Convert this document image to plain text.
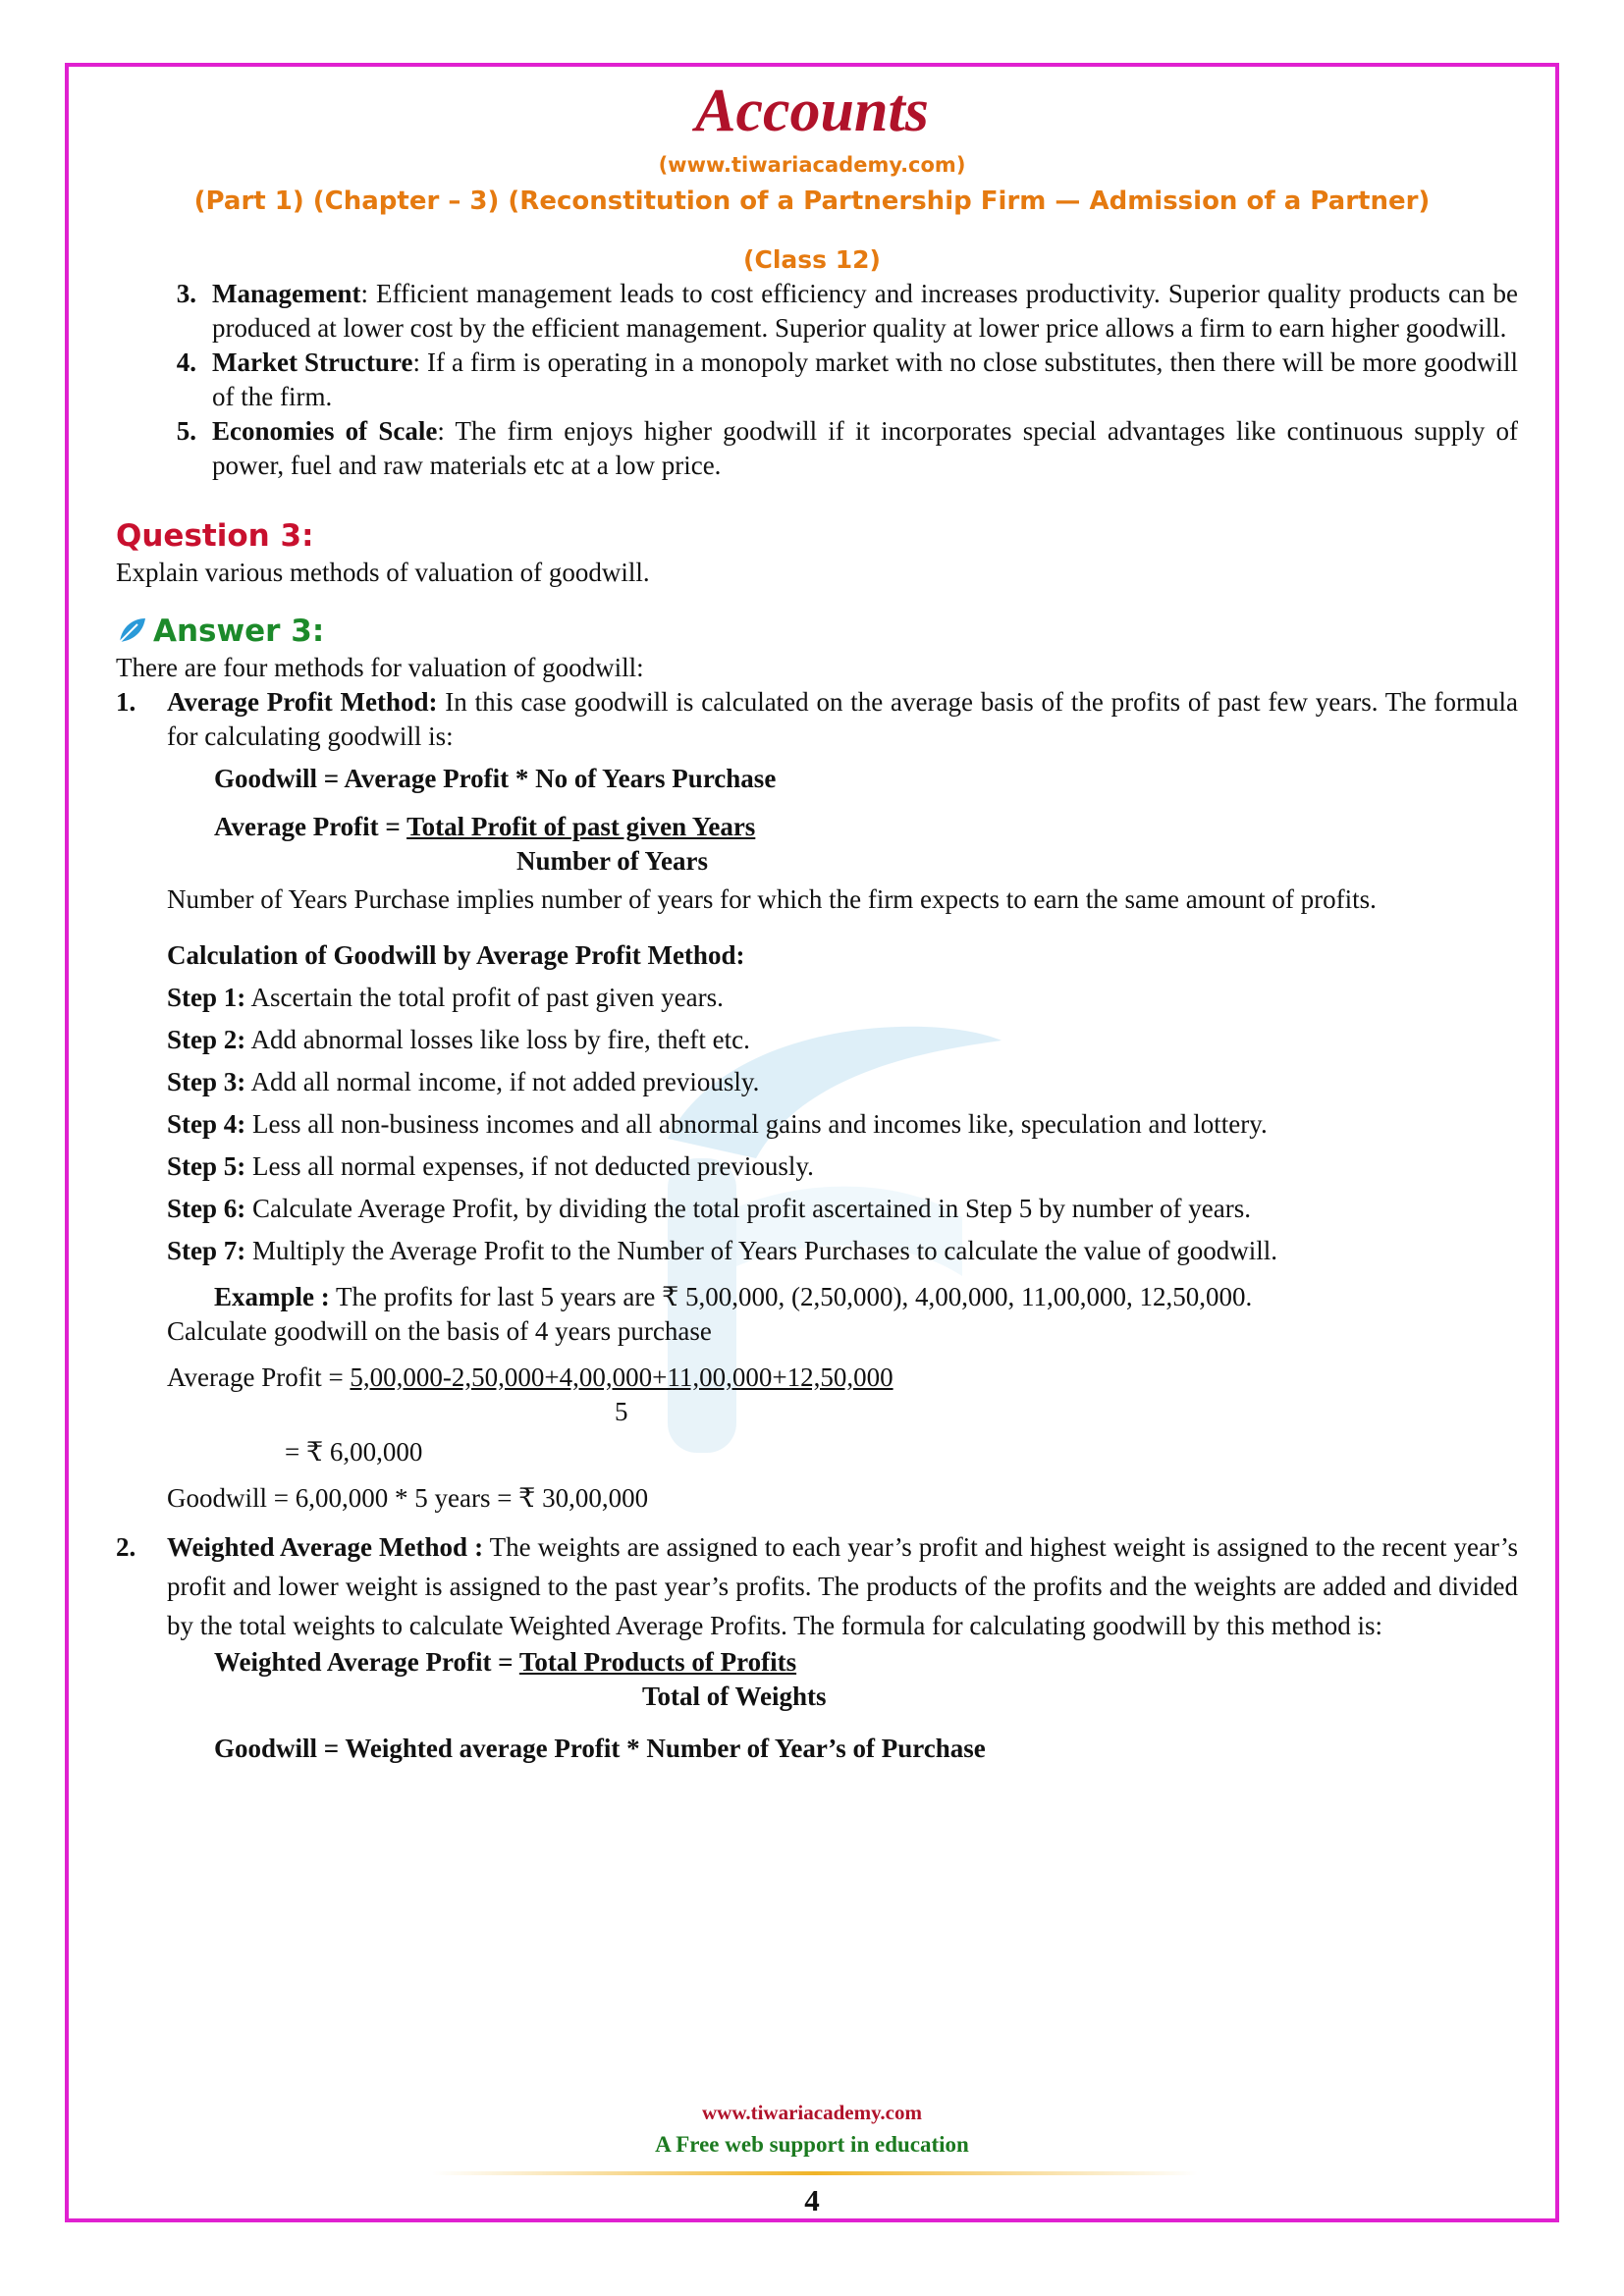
Accounts
(www.tiwariacademy.com)
(Part 1) (Chapter – 3) (Reconstitution of a Partnership Firm — Admission of a Partner)
(Class 12)
3. Management: Efficient management leads to cost efficiency and increases productivity. Superior quality products can be produced at lower cost by the efficient management. Superior quality at lower price allows a firm to earn higher goodwill.
4. Market Structure: If a firm is operating in a monopoly market with no close substitutes, then there will be more goodwill of the firm.
5. Economies of Scale: The firm enjoys higher goodwill if it incorporates special advantages like continuous supply of power, fuel and raw materials etc at a low price.
Question 3:
Explain various methods of valuation of goodwill.
Answer 3:
There are four methods for valuation of goodwill:
1. Average Profit Method: In this case goodwill is calculated on the average basis of the profits of past few years. The formula for calculating goodwill is:
Goodwill = Average Profit * No of Years Purchase
Average Profit = Total Profit of past given Years
Number of Years
Number of Years Purchase implies number of years for which the firm expects to earn the same amount of profits.
Calculation of Goodwill by Average Profit Method:
Step 1: Ascertain the total profit of past given years.
Step 2: Add abnormal losses like loss by fire, theft etc.
Step 3: Add all normal income, if not added previously.
Step 4: Less all non-business incomes and all abnormal gains and incomes like, speculation and lottery.
Step 5: Less all normal expenses, if not deducted previously.
Step 6: Calculate Average Profit, by dividing the total profit ascertained in Step 5 by number of years.
Step 7: Multiply the Average Profit to the Number of Years Purchases to calculate the value of goodwill.
Example : The profits for last 5 years are ₹ 5,00,000, (2,50,000), 4,00,000, 11,00,000, 12,50,000.
Calculate goodwill on the basis of 4 years purchase
Average Profit = 5,00,000-2,50,000+4,00,000+11,00,000+12,50,000
5
= ₹ 6,00,000
Goodwill = 6,00,000 * 5 years = ₹ 30,00,000
2. Weighted Average Method : The weights are assigned to each year’s profit and highest weight is assigned to the recent year’s profit and lower weight is assigned to the past year’s profits. The products of the profits and the weights are added and divided by the total weights to calculate Weighted Average Profits. The formula for calculating goodwill by this method is:
Weighted Average Profit = Total Products of Profits
Total of Weights
Goodwill = Weighted average Profit * Number of Year’s of Purchase
www.tiwariacademy.com
A Free web support in education
4
